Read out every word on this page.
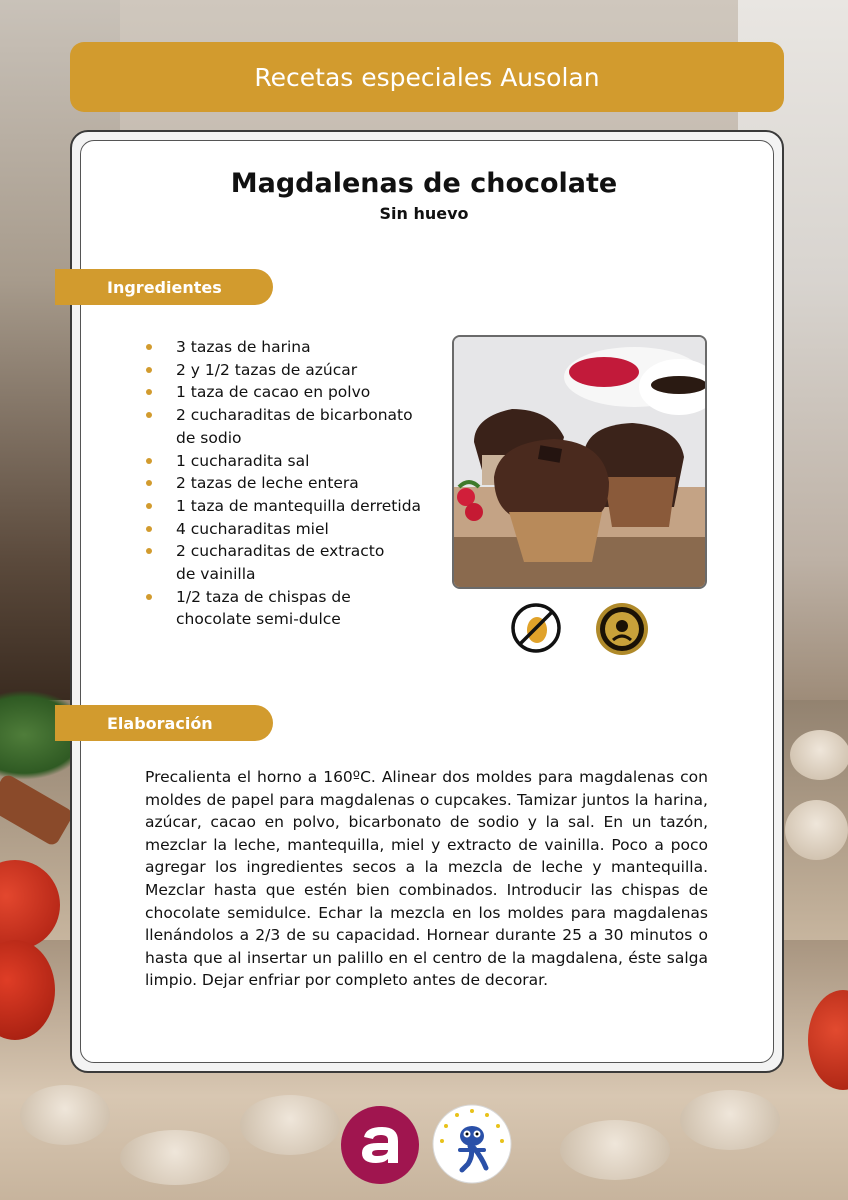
Recetas especiales Ausolan
Magdalenas de chocolate
Sin huevo
Ingredientes
3 tazas de harina
2 y 1/2 tazas de azúcar
1 taza de cacao en polvo
2 cucharaditas de bicarbonato de sodio
1 cucharadita sal
2 tazas de leche entera
1 taza de mantequilla derretida
4 cucharaditas miel
2 cucharaditas de extracto de vainilla
1/2 taza de chispas de chocolate semi-dulce
Elaboración

Precalienta el horno a 160ºC. Alinear dos moldes para magdalenas con moldes de papel para magdalenas o cupcakes. Tamizar juntos la harina, azúcar, cacao en polvo, bicarbonato de sodio y la sal. En un tazón, mezclar la leche, mantequilla, miel y extracto de vainilla. Poco a poco agregar los ingredientes secos a la mezcla de leche y mantequilla. Mezclar hasta que estén bien combinados. Introducir las chispas de chocolate semidulce. Echar la mezcla en los moldes para magdalenas llenándolos a 2/3 de su capacidad. Hornear durante 25 a 30 minutos o hasta que al insertar un palillo en el centro de la magdalena, éste salga limpio. Dejar enfriar por completo antes de decorar.
